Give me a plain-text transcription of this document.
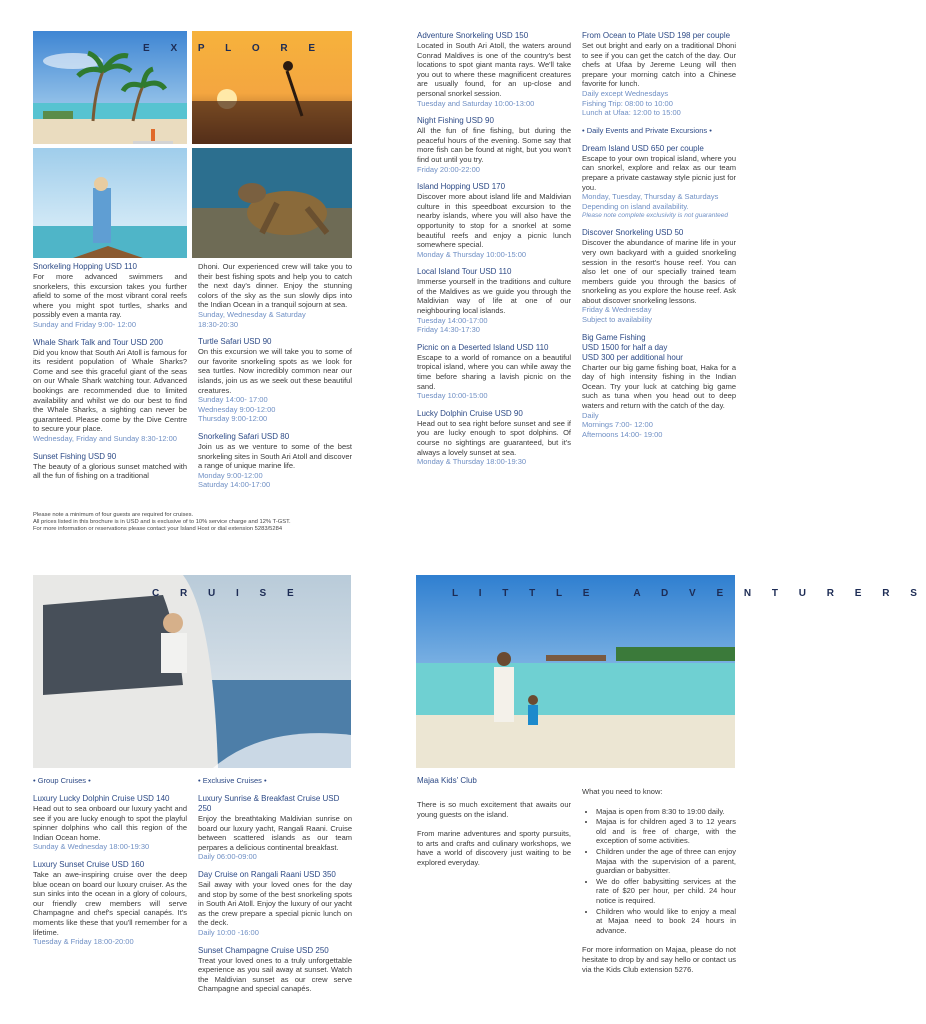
E X P L O R E
C R U I S E	L I T T L E   A D V E N T U R E R S
Snorkeling Hopping USD 110
For more advanced swimmers and snorkelers, this excursion takes you further afield to some of the most vibrant coral reefs where you might spot turtles, sharks and possibly even a manta ray.
Sunday and Friday 9:00- 12:00
Whale Shark Talk and Tour USD 200
Did you know that South Ari Atoll is famous for its resident population of Whale Sharks? Come and see this graceful giant of the seas on our Whale Shark watching tour. Advanced bookings are recommended due to limited availability and whilst we do our best to find the Whale Sharks, a sighting can never be guaranteed. Please come by the Dive Centre to secure your place.
Wednesday, Friday and Sunday 8:30-12:00
Sunset Fishing USD 90
The beauty of a glorious sunset matched with all the fun of fishing on a traditional
Dhoni. Our experienced crew will take you to their best fishing spots and help you to catch the next day's dinner. Enjoy the stunning colors of the sky as the sun slowly dips into the Indian Ocean in a tranquil sojourn at sea.
Sunday, Wednesday & Saturday
18:30-20:30
Turtle Safari USD 90
On this excursion we will take you to some of our favorite snorkeling spots as we look for sea turtles. Now incredibly common near our islands, join us as we seek out these beautiful creatures.
Sunday 14:00- 17:00
Wednesday 9:00-12:00
Thursday 9:00-12:00
Snorkeling Safari USD 80
Join us as we venture to some of the best snorkeling sites in South Ari Atoll and discover a range of unique marine life.
Monday 9:00-12:00
Saturday 14:00-17:00
Please note a minimum of four guests are required for cruises.
All prices listed in this brochure is in USD and is exclusive of to 10% service charge and 12% T-GST.
For more information or reservations please contact your Island Host or dial extension 5283/5284
Adventure Snorkeling USD 150
Located in South Ari Atoll, the waters around Conrad Maldives is one of the country's best locations to spot giant manta rays. We'll take you out to where these magnificent creatures are usually found, for an up-close and personal snorkel session.
Tuesday and Saturday 10:00-13:00
Night Fishing USD 90
All the fun of fine fishing, but during the peaceful hours of the evening. Some say that more fish can be found at night, but you won't find out until you try.
Friday 20:00-22:00
Island Hopping USD 170
Discover more about island life and Maldivian culture in this speedboat excursion to the nearby islands, where you will also have the opportunity to stop for a snorkel at some beautiful reefs and enjoy a picnic lunch somewhere special.
Monday & Thursday 10:00-15:00
Local Island Tour USD 110
Immerse yourself in the traditions and culture of the Maldives as we guide you through the Maldivian way of life at one of our neighbouring local islands.
Tuesday 14:00-17:00
Friday 14:30-17:30
Picnic on a Deserted Island USD 110
Escape to a world of romance on a beautiful tropical island, where you can while away the time before sharing a lavish picnic on the sand.
Tuesday 10:00-15:00
Lucky Dolphin Cruise USD 90
Head out to sea right before sunset and see if you are lucky enough to spot dolphins. Of course no sightings are guaranteed, but it's always a lovely sunset at sea.
Monday & Thursday 18:00-19:30
From Ocean to Plate USD 198 per couple
Set out bright and early on a traditional Dhoni to see if you can get the catch of the day. Our chefs at Ufaa by Jereme Leung will then prepare your morning catch into a Chinese favorite for lunch.
Daily except Wednesdays
Fishing Trip: 08:00 to 10:00
Lunch at Ufaa: 12:00 to 15:00
• Daily Events and Private Excursions •
Dream Island USD 650 per couple
Escape to your own tropical island, where you can snorkel, explore and relax as our team prepare a private castaway style picnic just for you.
Monday, Tuesday, Thursday & Saturdays
Depending on island availability.
Please note complete exclusivity is not guaranteed
Discover Snorkeling USD 50
Discover the abundance of marine life in your very own backyard with a guided snorkeling session in the resort's house reef. You can also let one of our specially trained team members guide you through the basics of snorkeling as you explore the house reef. Ask about discover snorkeling lessons.
Friday & Wednesday
Subject to availability
Big Game Fishing
USD 1500 for half a day
USD 300 per additional hour
Charter our big game fishing boat, Haka for a day of high intensity fishing in the Indian Ocean. Try your luck at catching big game such as tuna when you head out to deep waters and return with the catch of the day.
Daily
Mornings 7:00- 12:00
Afternoons 14:00- 19:00
• Group Cruises •
Luxury Lucky Dolphin Cruise USD 140
Head out to sea onboard our luxury yacht and see if you are lucky enough to spot the playful spinner dolphins who call this region of the Indian Ocean home.
Sunday & Wednesday 18:00-19:30
Luxury Sunset Cruise USD 160
Take an awe-inspiring cruise over the deep blue ocean on board our luxury cruiser. As the sun sinks into the ocean in a glory of colours, our friendly crew members will serve Champagne and chef's special canapés. It's moments like these that you'll remember for a lifetime.
Tuesday & Friday 18:00-20:00
• Exclusive Cruises •
Luxury Sunrise & Breakfast Cruise USD 250
Enjoy the breathtaking Maldivian sunrise on board our luxury yacht, Rangali Raani. Cruise between scattered islands as our team perpares a delicious continental breakfast.
Daily 06:00-09:00
Day Cruise on Rangali Raani USD 350
Sail away with your loved ones for the day and stop by some of the best snorkeling spots in South Ari Atoll. Enjoy the luxury of our yacht as the crew prepare a special picnic lunch on the deck.
Daily 10:00 -16:00
Sunset Champagne Cruise USD 250
Treat your loved ones to a truly unforgettable experience as you sail away at sunset. Watch the Maldivian sunset as our crew serve Champagne and special canapés.
Majaa Kids' Club
There is so much excitement that awaits our young guests on the island.
From marine adventures and sporty pursuits, to arts and crafts and culinary workshops, we have a world of discovery just waiting to be explored everyday.
What you need to know:
• Majaa is open from 8:30 to 19:00 daily.
• Majaa is for children aged 3 to 12 years old and is free of charge, with the exception of some activities.
• Children under the age of three can enjoy Majaa with the supervision of a parent, guardian or babysitter.
• We do offer babysitting services at the rate of $20 per hour, per child. 24 hour notice is required.
• Children who would like to enjoy a meal at Majaa need to book 24 hours in advance.
For more information on Majaa, please do not hesitate to drop by and say hello or contact us via the Kids Club extension 5276.
